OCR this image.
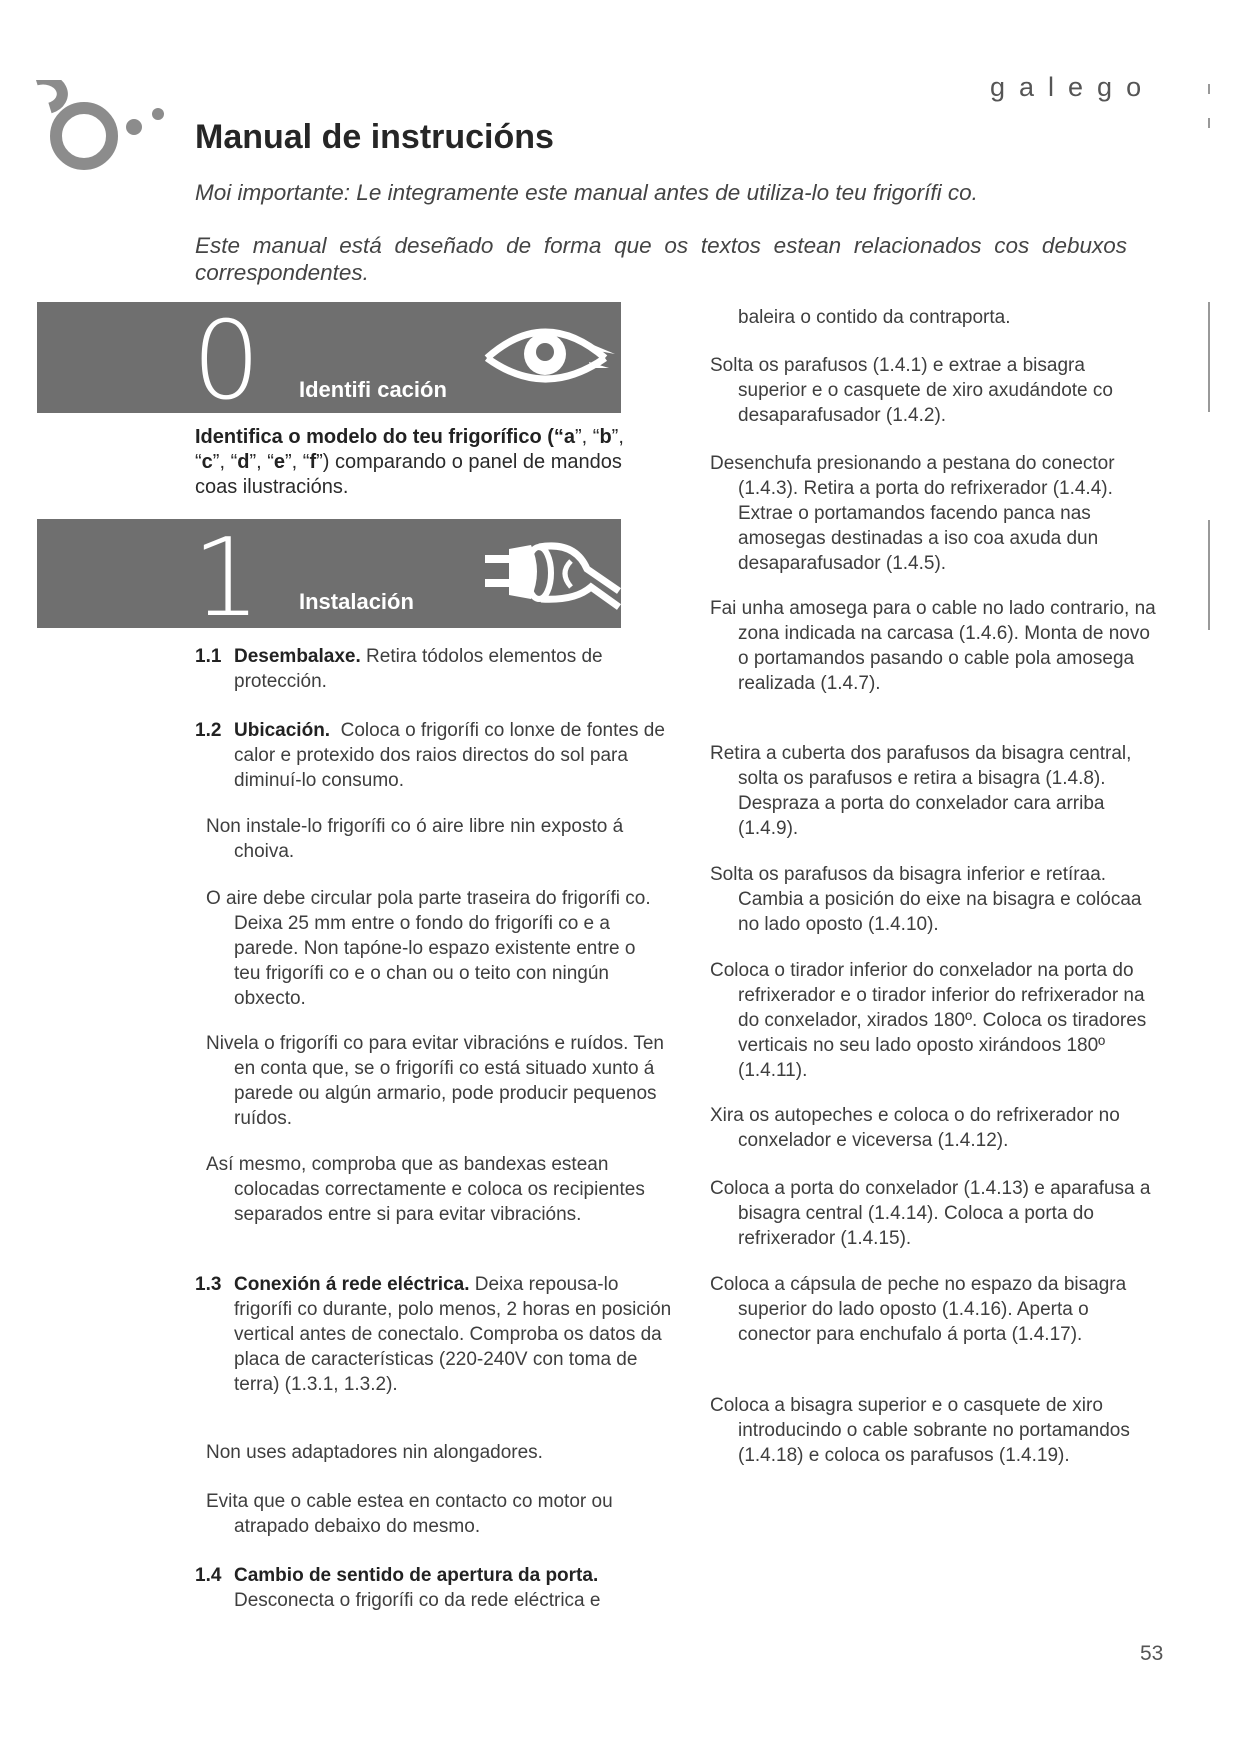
galego
Manual de instrucións
Moi importante: Le integramente este manual antes de utiliza-lo teu frigorífi co.
Este manual está deseñado de forma que os textos estean relacionados cos debuxos correspondentes.
0 Identifi cación
Identifica o modelo do teu frigorífico (“a”, “b”, “c”, “d”, “e”, “f”) comparando o panel de mandos coas ilustracións.
1 Instalación
1.1 Desembalaxe. Retira tódolos elementos de protección.
1.2 Ubicación. Coloca o frigorífi co lonxe de fontes de calor e protexido dos raios directos do sol para diminuí-lo consumo.
Non instale-lo frigorífi co ó aire libre nin exposto á choiva.
O aire debe circular pola parte traseira do frigorífi co. Deixa 25 mm entre o fondo do frigorífi co e a parede. Non tapóne-lo espazo existente entre o teu frigorífi co e o chan ou o teito con ningún obxecto.
Nivela o frigorífi co para evitar vibracións e ruídos. Ten en conta que, se o frigorífi co está situado xunto á parede ou algún armario, pode producir pequenos ruídos.
Así mesmo, comproba que as bandexas estean colocadas correctamente e coloca os recipientes separados entre si para evitar vibracións.
1.3 Conexión á rede eléctrica. Deixa repousa-lo frigorífi co durante, polo menos, 2 horas en posición vertical antes de conectalo. Comproba os datos da placa de características (220-240V con toma de terra) (1.3.1, 1.3.2).
Non uses adaptadores nin alongadores.
Evita que o cable estea en contacto co motor ou atrapado debaixo do mesmo.
1.4 Cambio de sentido de apertura da porta. Desconecta o frigorífi co da rede eléctrica e
baleira o contido da contraporta.
Solta os parafusos (1.4.1) e extrae a bisagra superior e o casquete de xiro axudándote co desaparafusador (1.4.2).
Desenchufa presionando a pestana do conector (1.4.3). Retira a porta do refrixerador (1.4.4). Extrae o portamandos facendo panca nas amosegas destinadas a iso coa axuda dun desaparafusador (1.4.5).
Fai unha amosega para o cable no lado contrario, na zona indicada na carcasa (1.4.6). Monta de novo o portamandos pasando o cable pola amosega realizada (1.4.7).
Retira a cuberta dos parafusos da bisagra central, solta os parafusos e retira a bisagra (1.4.8). Desprazа a porta do conxelador cara arriba (1.4.9).
Solta os parafusos da bisagra inferior e retíraa. Cambia a posición do eixe na bisagra e colócaa no lado oposto (1.4.10).
Coloca o tirador inferior do conxelador na porta do refrixerador e o tirador inferior do refrixerador na do conxelador, xirados 180º. Coloca os tiradores verticais no seu lado oposto xirándoos 180º (1.4.11).
Xira os autopeches e coloca o do refrixerador no conxelador e viceversa (1.4.12).
Coloca a porta do conxelador (1.4.13) e aparafusa a bisagra central (1.4.14). Coloca a porta do refrixerador (1.4.15).
Coloca a cápsula de peche no espazo da bisagra superior do lado oposto (1.4.16). Aperta o conector para enchufalo á porta (1.4.17).
Coloca a bisagra superior e o casquete de xiro introducindo o cable sobrante no portamandos (1.4.18) e coloca os parafusos (1.4.19).
53
